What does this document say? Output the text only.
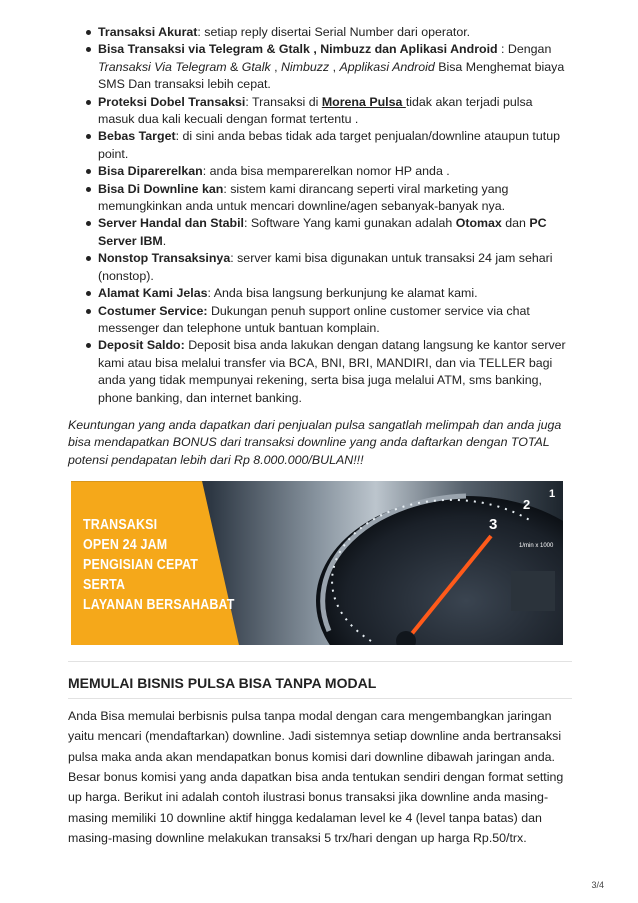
Transaksi Akurat: setiap reply disertai Serial Number dari operator.
Bisa Transaksi via Telegram & Gtalk , Nimbuzz dan Aplikasi Android : Dengan Transaksi Via Telegram & Gtalk , Nimbuzz , Applikasi Android Bisa Menghemat biaya SMS Dan transaksi lebih cepat.
Proteksi Dobel Transaksi: Transaksi di Morena Pulsa tidak akan terjadi pulsa masuk dua kali kecuali dengan format tertentu .
Bebas Target: di sini anda bebas tidak ada target penjualan/downline ataupun tutup point.
Bisa Diparerelkan: anda bisa memparerelkan nomor HP anda .
Bisa Di Downline kan: sistem kami dirancang seperti viral marketing yang memungkinkan anda untuk mencari downline/agen sebanyak-banyak nya.
Server Handal dan Stabil: Software Yang kami gunakan adalah Otomax dan PC Server IBM.
Nonstop Transaksinya: server kami bisa digunakan untuk transaksi 24 jam sehari (nonstop).
Alamat Kami Jelas: Anda bisa langsung berkunjung ke alamat kami.
Costumer Service: Dukungan penuh support online customer service via chat messenger dan telephone untuk bantuan komplain.
Deposit Saldo: Deposit bisa anda lakukan dengan datang langsung ke kantor server kami atau bisa melalui transfer via BCA, BNI, BRI, MANDIRI, dan via TELLER bagi anda yang tidak mempunyai rekening, serta bisa juga melalui ATM, sms banking, phone banking, dan internet banking.

Keuntungan yang anda dapatkan dari penjualan pulsa sangatlah melimpah dan anda juga bisa mendapatkan BONUS dari transaksi downline yang anda daftarkan dengan TOTAL potensi pendapatan lebih dari Rp 8.000.000/BULAN!!!

3
2
1
1/min x 1000
TRANSAKSI
OPEN 24 JAM
PENGISIAN CEPAT
SERTA
LAYANAN BERSAHABAT
MEMULAI BISNIS PULSA BISA TANPA MODAL

Anda Bisa memulai berbisnis pulsa tanpa modal dengan cara mengembangkan jaringan yaitu mencari (mendaftarkan) downline. Jadi sistemnya setiap downline anda bertransaksi pulsa maka anda akan mendapatkan bonus komisi dari downline dibawah jaringan anda. Besar bonus komisi yang anda dapatkan bisa anda tentukan sendiri dengan format setting up harga. Berikut ini adalah contoh ilustrasi bonus transaksi jika downline anda masing-masing memiliki 10 downline aktif hingga kedalaman level ke 4 (level tanpa batas) dan masing-masing downline melakukan transaksi 5 trx/hari dengan up harga Rp.50/trx.

3/4
